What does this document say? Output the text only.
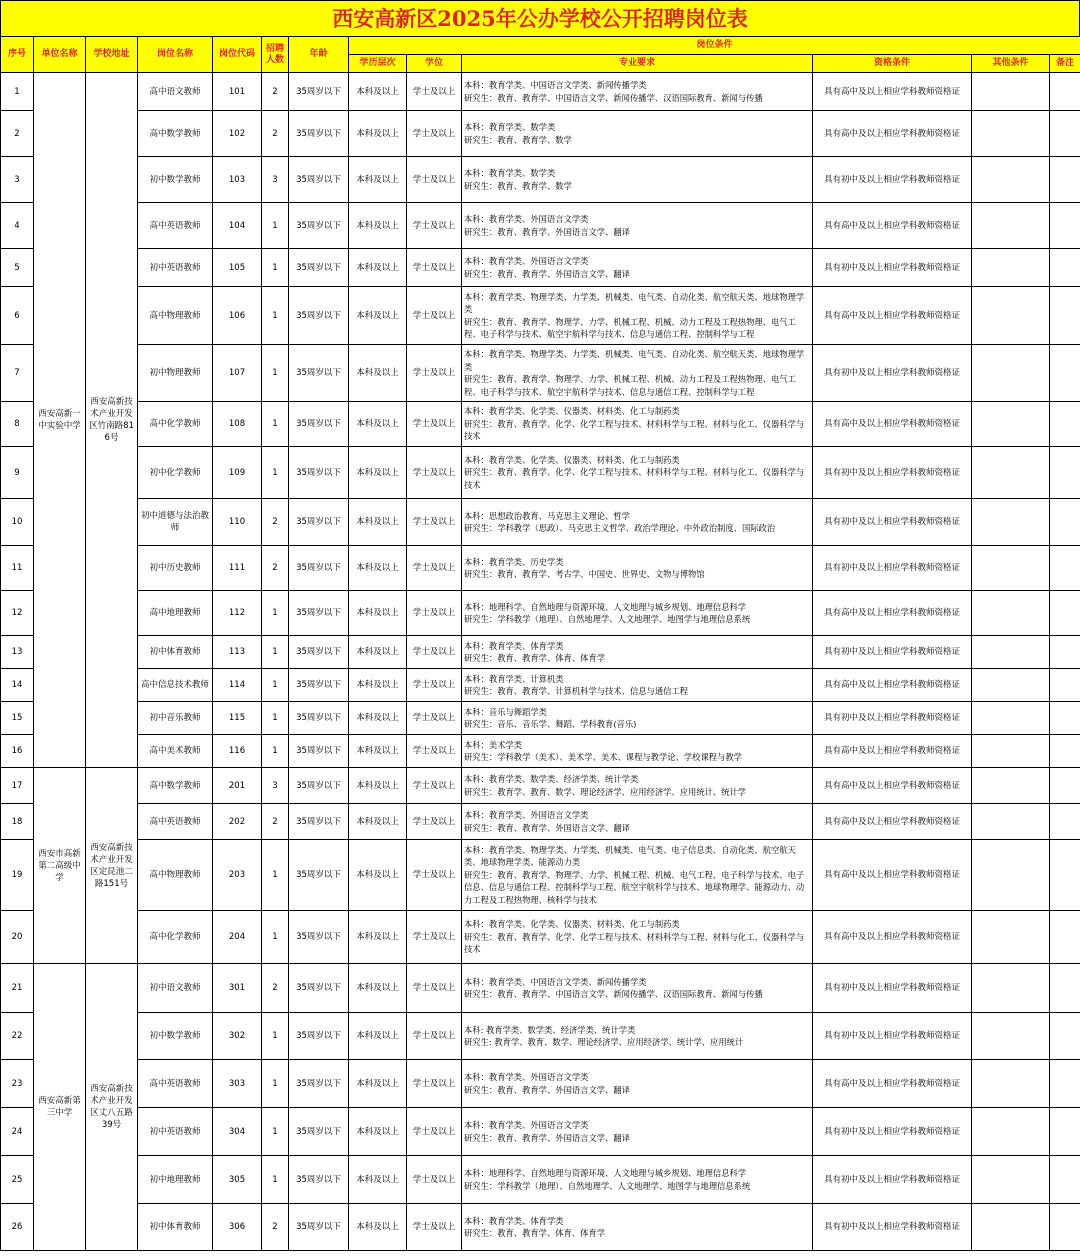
西安高新区2025年公办学校公开招聘岗位表
序号	单位名称	学校地址	岗位名称	岗位代码	招聘人数	年龄	岗位条件					
							学历层次	学位	专业要求	资格条件	其他条件	备注
1	西安高新一中实验中学	西安高新技术产业开发区竹南路816号	高中语文教师	101	2	35周岁以下	本科及以上	学士及以上	本科：教育学类、中国语言文学类、新闻传播学类
研究生：教育、教育学、中国语言文学、新闻传播学、汉语国际教育、新闻与传播	具有高中及以上相应学科教师资格证		
2			高中数学教师	102	2	35周岁以下	本科及以上	学士及以上	本科：教育学类、数学类
研究生：教育、教育学、数学	具有高中及以上相应学科教师资格证		
3			初中数学教师	103	3	35周岁以下	本科及以上	学士及以上	本科：教育学类、数学类
研究生：教育、教育学、数学	具有初中及以上相应学科教师资格证		
4			高中英语教师	104	1	35周岁以下	本科及以上	学士及以上	本科：教育学类、外国语言文学类
研究生：教育、教育学、外国语言文学、翻译	具有高中及以上相应学科教师资格证		
5			初中英语教师	105	1	35周岁以下	本科及以上	学士及以上	本科：教育学类、外国语言文学类
研究生：教育、教育学、外国语言文学、翻译	具有初中及以上相应学科教师资格证		
6			高中物理教师	106	1	35周岁以下	本科及以上	学士及以上	本科：教育学类、物理学类、力学类、机械类、电气类、自动化类、航空航天类、地球物理学类
研究生：教育、教育学、物理学、力学、机械工程、机械、动力工程及工程热物理、电气工程、电子科学与技术、航空宇航科学与技术、信息与通信工程、控制科学与工程	具有高中及以上相应学科教师资格证		
7			初中物理教师	107	1	35周岁以下	本科及以上	学士及以上	本科：教育学类、物理学类、力学类、机械类、电气类、自动化类、航空航天类、地球物理学类
研究生：教育、教育学、物理学、力学、机械工程、机械、动力工程及工程热物理、电气工程、电子科学与技术、航空宇航科学与技术、信息与通信工程、控制科学与工程	具有初中及以上相应学科教师资格证		
8			高中化学教师	108	1	35周岁以下	本科及以上	学士及以上	本科：教育学类、化学类、仪器类、材料类、化工与制药类
研究生：教育、教育学、化学、化学工程与技术、材料科学与工程、材料与化工、仪器科学与技术	具有高中及以上相应学科教师资格证		
9			初中化学教师	109	1	35周岁以下	本科及以上	学士及以上	本科：教育学类、化学类、仪器类、材料类、化工与制药类
研究生：教育、教育学、化学、化学工程与技术、材料科学与工程、材料与化工、仪器科学与技术	具有初中及以上相应学科教师资格证		
10			初中道德与法治教师	110	2	35周岁以下	本科及以上	学士及以上	本科：思想政治教育、马克思主义理论、哲学
研究生：学科教学（思政）、马克思主义哲学、政治学理论、中外政治制度、国际政治	具有初中及以上相应学科教师资格证		
11			初中历史教师	111	2	35周岁以下	本科及以上	学士及以上	本科：教育学类、历史学类
研究生：教育、教育学、考古学、中国史、世界史、文物与博物馆	具有初中及以上相应学科教师资格证		
12			高中地理教师	112	1	35周岁以下	本科及以上	学士及以上	本科：地理科学、自然地理与资源环境、人文地理与城乡规划、地理信息科学
研究生：学科教学（地理）、自然地理学、人文地理学、地图学与地理信息系统	具有高中及以上相应学科教师资格证		
13			初中体育教师	113	1	35周岁以下	本科及以上	学士及以上	本科：教育学类、体育学类
研究生：教育、教育学、体育、体育学	具有初中及以上相应学科教师资格证		
14			高中信息技术教师	114	1	35周岁以下	本科及以上	学士及以上	本科：教育学类、计算机类
研究生：教育、教育学、计算机科学与技术、信息与通信工程	具有高中及以上相应学科教师资格证		
15			初中音乐教师	115	1	35周岁以下	本科及以上	学士及以上	本科：音乐与舞蹈学类
研究生：音乐、音乐学、舞蹈、学科教育(音乐)	具有初中及以上相应学科教师资格证		
16			高中美术教师	116	1	35周岁以下	本科及以上	学士及以上	本科：美术学类
研究生：学科教学（美术）、美术学、美术、课程与教学论、学校课程与教学	具有高中及以上相应学科教师资格证		
17	西安市高新第二高级中学	西安高新技术产业开发区定昆池二路151号	高中数学教师	201	3	35周岁以下	本科及以上	学士及以上	本科：教育学类、数学类、经济学类、统计学类
研究生：教育学、教育、数学、理论经济学、应用经济学、应用统计、统计学	具有高中及以上相应学科教师资格证		
18			高中英语教师	202	2	35周岁以下	本科及以上	学士及以上	本科：教育学类、外国语言文学类
研究生：教育、教育学、外国语言文学、翻译	具有高中及以上相应学科教师资格证		
19			高中物理教师	203	1	35周岁以下	本科及以上	学士及以上	本科：教育学类、物理学类、力学类、机械类、电气类、电子信息类、自动化类、航空航天类、地球物理学类、能源动力类
研究生：教育、教育学、物理学、力学、机械工程、机械、电气工程、电子科学与技术、电子信息、信息与通信工程、控制科学与工程、航空宇航科学与技术、地球物理学、能源动力、动力工程及工程热物理、核科学与技术	具有高中及以上相应学科教师资格证		
20			高中化学教师	204	1	35周岁以下	本科及以上	学士及以上	本科：教育学类、化学类、仪器类、材料类、化工与制药类
研究生：教育、教育学、化学、化学工程与技术、材料科学与工程、材料与化工、仪器科学与技术	具有高中及以上相应学科教师资格证		
21	西安高新第三中学	西安高新技术产业开发区丈八五路39号	初中语文教师	301	2	35周岁以下	本科及以上	学士及以上	本科：教育学类、中国语言文学类、新闻传播学类
研究生：教育、教育学、中国语言文学、新闻传播学、汉语国际教育、新闻与传播	具有初中及以上相应学科教师资格证		
22			初中数学教师	302	1	35周岁以下	本科及以上	学士及以上	本科: 教育学类、数学类、经济学类、统计学类
研究生: 教育学、教育、数学、理论经济学、应用经济学、统计学、应用统计	具有初中及以上相应学科教师资格证		
23			高中英语教师	303	1	35周岁以下	本科及以上	学士及以上	本科：教育学类、外国语言文学类
研究生：教育、教育学、外国语言文学、翻译	具有高中及以上相应学科教师资格证		
24			初中英语教师	304	1	35周岁以下	本科及以上	学士及以上	本科：教育学类、外国语言文学类
研究生：教育、教育学、外国语言文学、翻译	具有初中及以上相应学科教师资格证		
25			初中地理教师	305	1	35周岁以下	本科及以上	学士及以上	本科：地理科学、自然地理与资源环境、人文地理与城乡规划、地理信息科学
研究生：学科教学（地理）、自然地理学、人文地理学、地图学与地理信息系统	具有初中及以上相应学科教师资格证		
26			初中体育教师	306	2	35周岁以下	本科及以上	学士及以上	本科：教育学类、体育学类
研究生：教育、教育学、体育、体育学	具有初中及以上相应学科教师资格证		
